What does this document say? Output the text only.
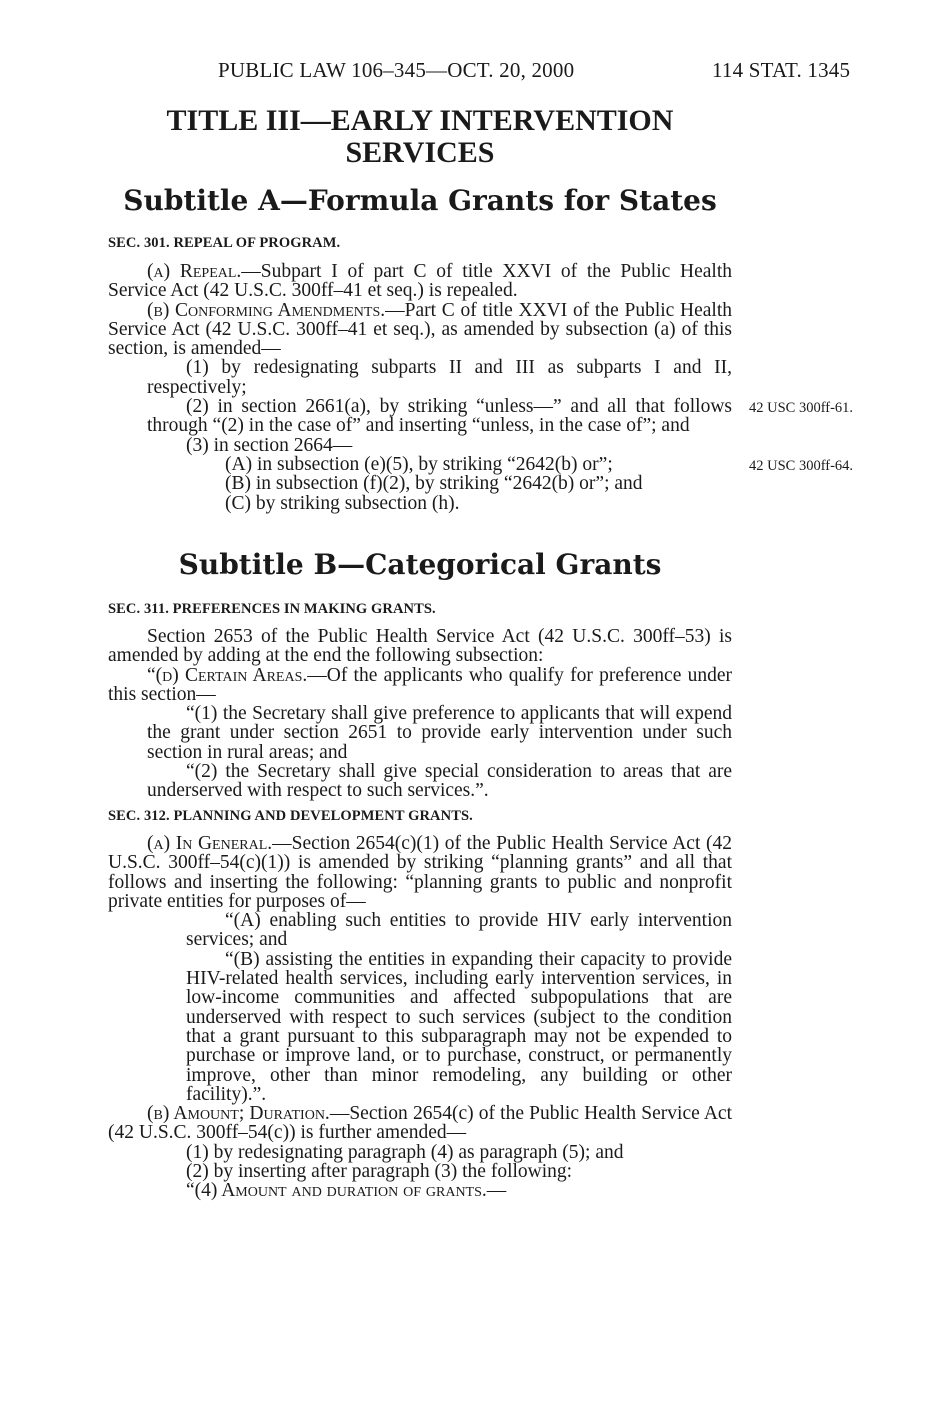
PUBLIC LAW 106–345—OCT. 20, 2000	114 STAT. 1345
TITLE III—EARLY INTERVENTION SERVICES
Subtitle A—Formula Grants for States
SEC. 301. REPEAL OF PROGRAM.

(a) Repeal.—Subpart I of part C of title XXVI of the Public Health Service Act (42 U.S.C. 300ff–41 et seq.) is repealed.

(b) Conforming Amendments.—Part C of title XXVI of the Public Health Service Act (42 U.S.C. 300ff–41 et seq.), as amended by subsection (a) of this section, is amended—

(1) by redesignating subparts II and III as subparts I and II, respectively;

(2) in section 2661(a), by striking “unless—” and all that follows through “(2) in the case of” and inserting “unless, in the case of”; and

(3) in section 2664—

(A) in subsection (e)(5), by striking “2642(b) or”;

(B) in subsection (f)(2), by striking “2642(b) or”; and

(C) by striking subsection (h).

42 USC 300ff-61.
42 USC 300ff-64.
Subtitle B—Categorical Grants
SEC. 311. PREFERENCES IN MAKING GRANTS.

Section 2653 of the Public Health Service Act (42 U.S.C. 300ff–53) is amended by adding at the end the following subsection:

“(d) Certain Areas.—Of the applicants who qualify for preference under this section—

“(1) the Secretary shall give preference to applicants that will expend the grant under section 2651 to provide early intervention under such section in rural areas; and

“(2) the Secretary shall give special consideration to areas that are underserved with respect to such services.”.

SEC. 312. PLANNING AND DEVELOPMENT GRANTS.

(a) In General.—Section 2654(c)(1) of the Public Health Service Act (42 U.S.C. 300ff–54(c)(1)) is amended by striking “planning grants” and all that follows and inserting the following: “planning grants to public and nonprofit private entities for purposes of—

“(A) enabling such entities to provide HIV early intervention services; and

“(B) assisting the entities in expanding their capacity to provide HIV-related health services, including early intervention services, in low-income communities and affected subpopulations that are underserved with respect to such services (subject to the condition that a grant pursuant to this subparagraph may not be expended to purchase or improve land, or to purchase, construct, or permanently improve, other than minor remodeling, any building or other facility).”.

(b) Amount; Duration.—Section 2654(c) of the Public Health Service Act (42 U.S.C. 300ff–54(c)) is further amended—

(1) by redesignating paragraph (4) as paragraph (5); and

(2) by inserting after paragraph (3) the following:

“(4) Amount and duration of grants.—
